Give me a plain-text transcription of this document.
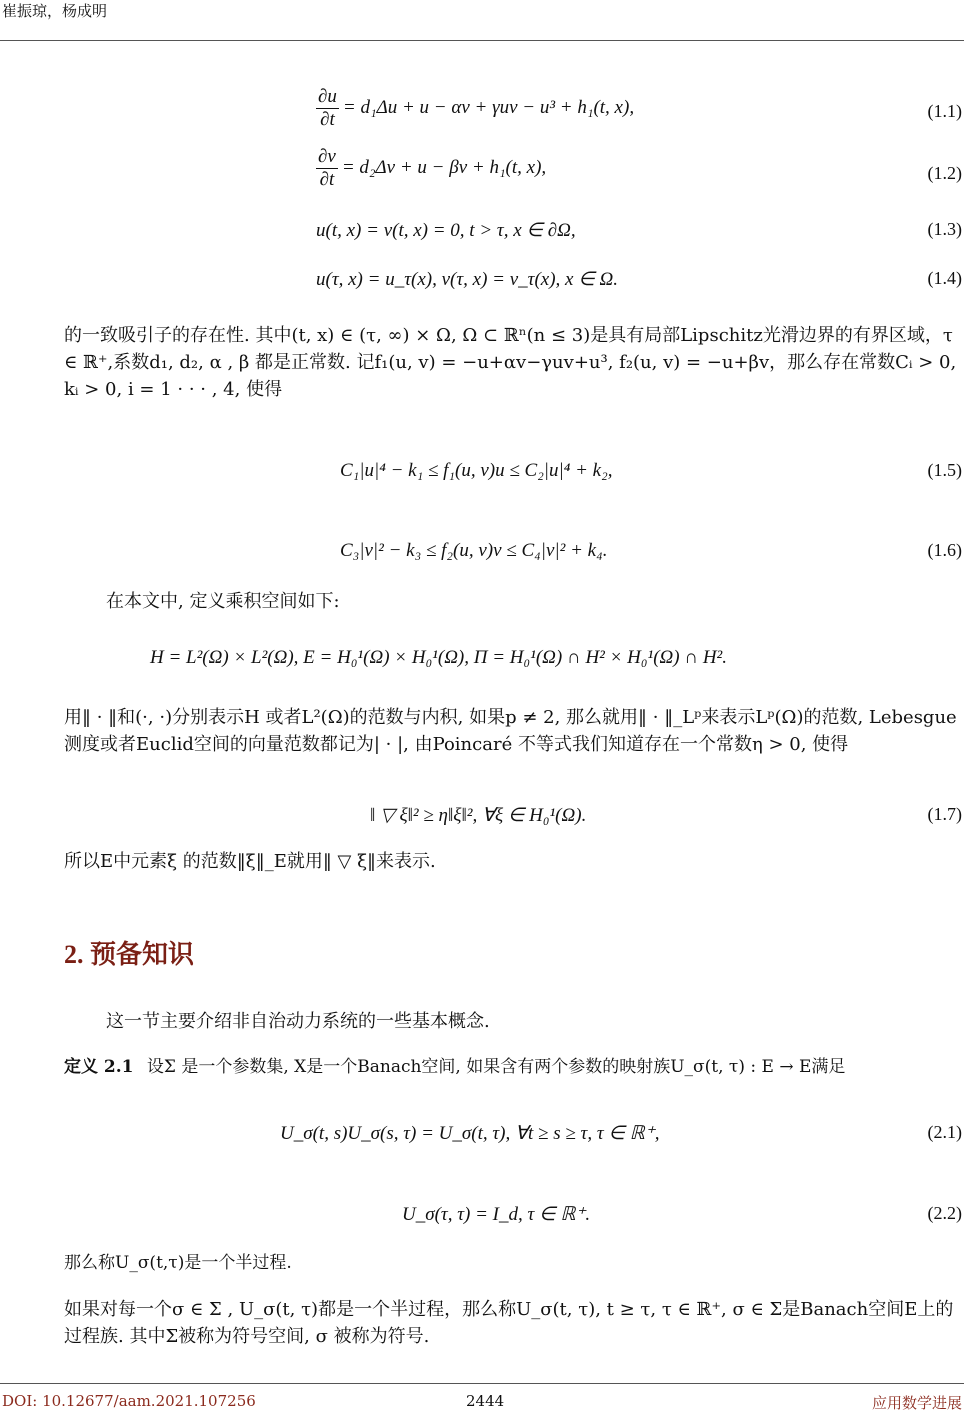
崔振琼，杨成明
$\frac{\partial u}{\partial t} = d_1\Delta u + u - \alpha v + \gamma uv - u^3 + h_1(t$, x),	(1.1)
$\frac{\partial v}{\partial t} = d_2\Delta v + u - \beta v + h_1(t$, x),	(1.2)
u(t, x) = v(t, x) = 0, t > τ, x ∈ ∂Ω,	(1.3)
u(τ, x) = u_τ(x), v(τ, x) = v_τ(x), x ∈ Ω.	(1.4)

的一致吸引子的存在性. 其中(t, x) ∈ (τ, ∞) × Ω, Ω ⊂ ℝⁿ(n ≤ 3)是具有局部Lipschitz光滑边界的有界区域，τ ∈ ℝ⁺,系数d₁, d₂, α , β 都是正常数. 记f₁(u, v) = −u+αv−γuv+u³, f₂(u, v) = −u+βv，那么存在常数Cᵢ > 0, kᵢ > 0, i = 1 · · · , 4, 使得

C₁|u|⁴ − k₁ ≤ f₁(u, v)u ≤ C₂|u|⁴ + k₂,	(1.5)
C₃|v|² − k₃ ≤ f₂(u, v)v ≤ C₄|v|² + k₄.	(1.6)

在本文中, 定义乘积空间如下:

H = L²(Ω) × L²(Ω), E = H₀¹(Ω) × H₀¹(Ω), Π = H₀¹(Ω) ∩ H² × H₀¹(Ω) ∩ H².

用‖ · ‖和(·, ·)分别表示H 或者L²(Ω)的范数与内积, 如果p ≠ 2, 那么就用‖ · ‖_Lᵖ来表示Lᵖ(Ω)的范数, Lebesgue 测度或者Euclid空间的向量范数都记为| · |, 由Poincaré 不等式我们知道存在一个常数η > 0, 使得

‖ ▽ ξ‖² ≥ η‖ξ‖², ∀ξ ∈ H₀¹(Ω).	(1.7)

所以E中元素ξ 的范数‖ξ‖_E就用‖ ▽ ξ‖来表示.

2. 预备知识

这一节主要介绍非自治动力系统的一些基本概念.

定义 2.1 设Σ 是一个参数集, X是一个Banach空间, 如果含有两个参数的映射族U_σ(t, τ) : E → E满足

U_σ(t, s)U_σ(s, τ) = U_σ(t, τ), ∀t ≥ s ≥ τ, τ ∈ ℝ⁺,	(2.1)
U_σ(τ, τ) = I_d, τ ∈ ℝ⁺.	(2.2)

那么称U_σ(t,τ)是一个半过程.

如果对每一个σ ∈ Σ , U_σ(t, τ)都是一个半过程，那么称U_σ(t, τ), t ≥ τ, τ ∈ ℝ⁺, σ ∈ Σ是Banach空间E上的过程族. 其中Σ被称为符号空间, σ 被称为符号.

DOI: 10.12677/aam.2021.107256	2444	应用数学进展
